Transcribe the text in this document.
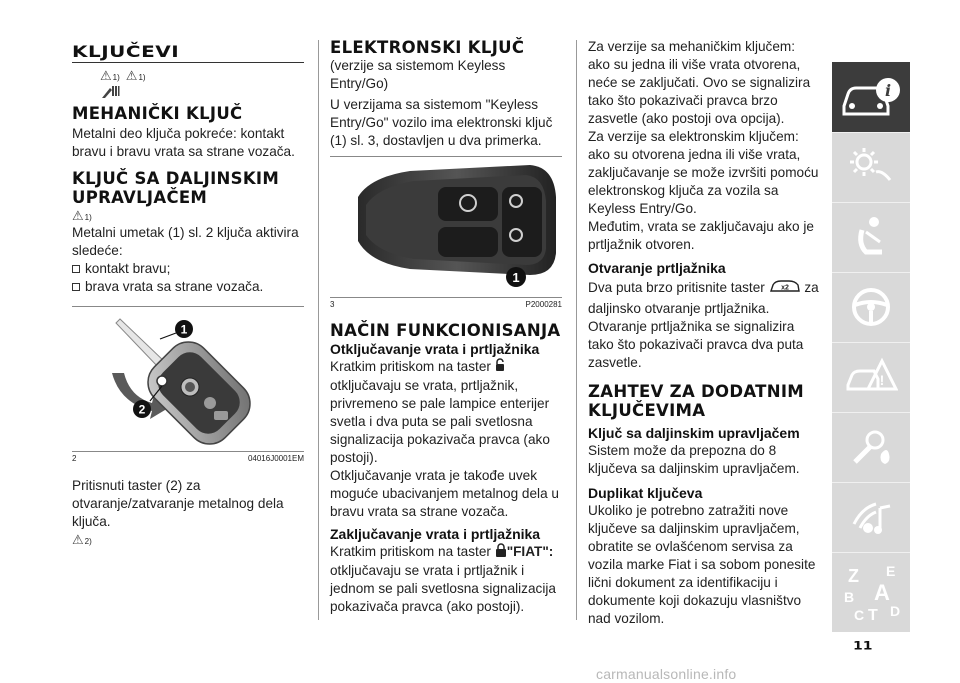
KLJUČEVI
⚠ 1) ⚠ 1)
MEHANIČKI KLJUČ
Metalni deo ključa pokreće: kontakt bravu i bravu vrata sa strane vozača.
KLJUČ SA DALJINSKIM
UPRAVLJAČEM
⚠ 1)
Metalni umetak (1) sl. 2 ključa aktivira sledeće:
kontakt bravu;
brava vrata sa strane vozača.
1
2
2	04016J0001EM
Pritisnuti taster (2) za otvaranje/zatvaranje metalnog dela ključa.
⚠ 2)
ELEKTRONSKI KLJUČ
(verzije sa sistemom Keyless Entry/Go)
U verzijama sa sistemom "Keyless Entry/Go" vozilo ima elektronski ključ (1) sl. 3, dostavljen u dva primerka.
1
3	P2000281
NAČIN FUNKCIONISANJA
Otključavanje vrata i prtljažnika
Kratkim pritiskom na taster  otključavaju se vrata, prtljažnik, privremeno se pale lampice enterijer svetla i dva puta se pali svetlosna signalizacija pokazivača pravca (ako postoji).
Otključavanje vrata je takođe uvek moguće ubacivanjem metalnog dela u bravu vrata sa strane vozača.
Zaključavanje vrata i prtljažnika
Kratkim pritiskom na taster "FIAT": otključavaju se vrata i prtljažnik i jednom se pali svetlosna signalizacija pokazivača pravca (ako postoji).
Za verzije sa mehaničkim ključem: ako su jedna ili više vrata otvorena, neće se zaključati. Ovo se signalizira tako što pokazivači pravca brzo zasvetle (ako postoji ova opcija).
Za verzije sa elektronskim ključem: ako su otvorena jedna ili više vrata, zaključavanje se može izvršiti pomoću elektronskog ključa za vozila sa Keyless Entry/Go.
Međutim, vrata se zaključavaju ako je prtljažnik otvoren.
Otvaranje prtljažnika
Dva puta brzo pritisnite taster x2 za
daljinsko otvaranje prtljažnika.
Otvaranje prtljažnika se signalizira tako što pokazivači pravca dva puta zasvetle.
ZAHTEV ZA DODATNIM
KLJUČEVIMA
Ključ sa daljinskim upravljačem
Sistem može da prepozna do 8 ključeva sa daljinskim upravljačem.
Duplikat ključeva
Ukoliko je potrebno zatražiti nove ključeve sa daljinskim upravljačem, obratite se ovlašćenom servisa za vozila marke Fiat i sa sobom ponesite lični dokument za identifikaciju i dokumente koji dokazuju vlasništvo nad vozilom.
i
!
Z E
B A
C T D
11
carmanualsonline.info
